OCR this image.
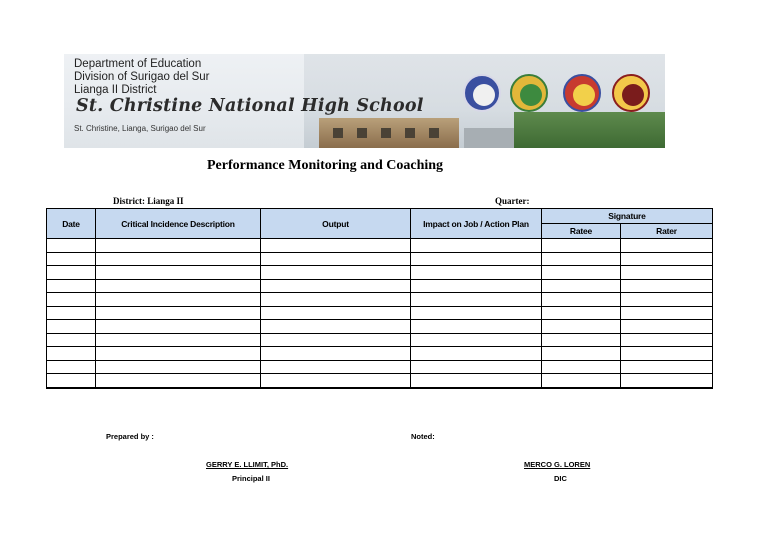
Department of Education
Division of Surigao del Sur
Lianga II District
St. Christine National High School
St. Christine, Lianga, Surigao del Sur
Performance Monitoring and Coaching
District: Lianga II	Quarter:
Date	Critical Incidence Description	Output	Impact on Job / Action Plan	Signature	
				Ratee	Rater

Prepared by :	Noted:
GERRY E. LLIMIT, PhD.
Principal II
MERCO G. LOREN
DIC
